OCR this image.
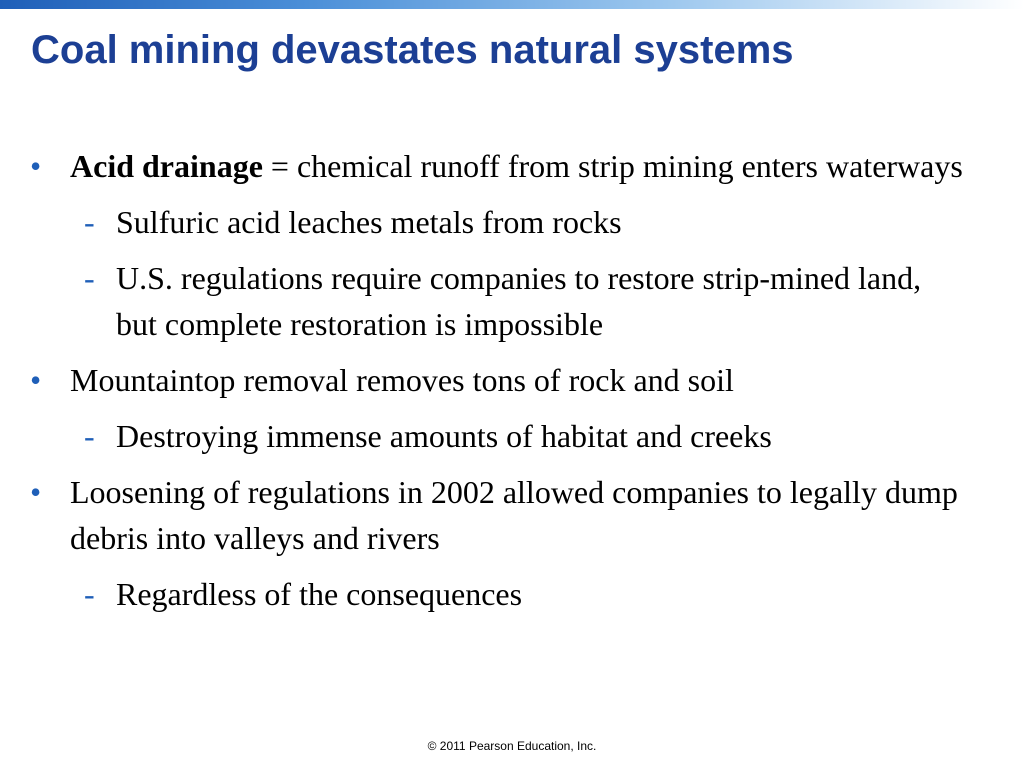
Coal mining devastates natural systems

• Acid drainage = chemical runoff from strip mining enters waterways

- Sulfuric acid leaches metals from rocks

- U.S. regulations require companies to restore strip-mined land, but complete restoration is impossible

• Mountaintop removal removes tons of rock and soil

- Destroying immense amounts of habitat and creeks

• Loosening of regulations in 2002 allowed companies to legally dump debris into valleys and rivers

- Regardless of the consequences

© 2011 Pearson Education, Inc.
